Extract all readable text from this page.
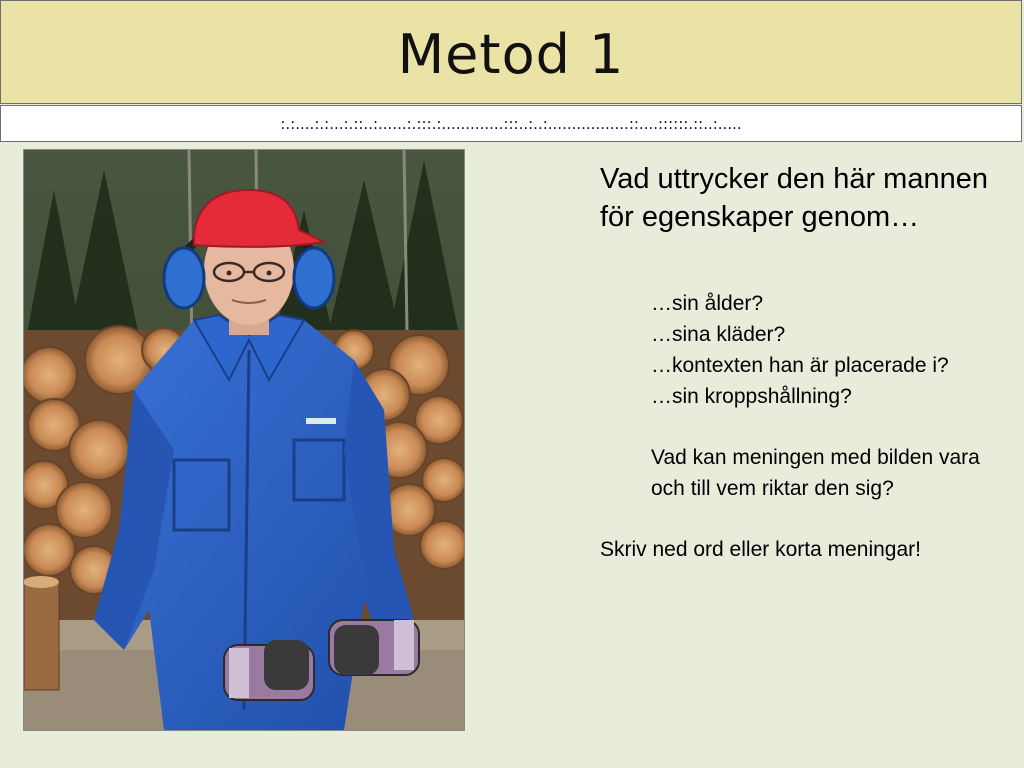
Metod 1
:.:....:.:...:.::..:......:.:::.:.............:::..:..:.................::....::::::.::..:.....

Vad uttrycker den här mannen för egenskaper genom…

…sin ålder?
…sina kläder?
…kontexten han är placerade i?
…sin kroppshållning?

Vad kan meningen med bilden vara och till vem riktar den sig?

Skriv ned ord eller korta meningar!
